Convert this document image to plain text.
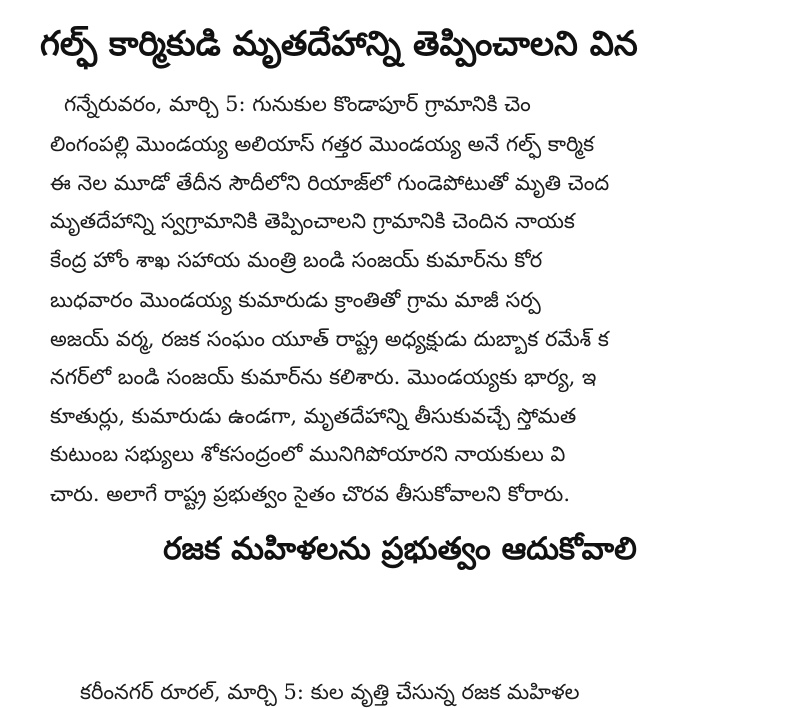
గల్ఫ్ కార్మికుడి మృతదేహాన్ని తెప్పించాలని విన
గన్నేరువరం, మార్చి 5: గునుకుల కొండాపూర్ గ్రామానికి చెం
లింగంపల్లి మొండయ్య అలియాస్ గత్తర మొండయ్య అనే గల్ఫ్ కార్మిక
ఈ నెల మూడో తేదీన సౌదీలోని రియాజ్‌లో గుండెపోటుతో మృతి చెంద
మృతదేహాన్ని స్వగ్రామానికి తెప్పించాలని గ్రామానికి చెందిన నాయక
కేంద్ర హోం శాఖ సహాయ మంత్రి బండి సంజయ్ కుమార్‌ను కోర
బుధవారం మొండయ్య కుమారుడు క్రాంతితో గ్రామ మాజీ సర్ప
అజయ్ వర్మ, రజక సంఘం యూత్ రాష్ట్ర అధ్యక్షుడు దుబ్బాక రమేశ్ క
నగర్‌లో బండి సంజయ్ కుమార్‌ను కలిశారు. మొండయ్యకు భార్య, ఇ
కూతుర్లు, కుమారుడు ఉండగా, మృతదేహాన్ని తీసుకువచ్చే స్తోమత
కుటుంబ సభ్యులు శోకసంద్రంలో మునిగిపోయారని నాయకులు వి
చారు. అలాగే రాష్ట్ర ప్రభుత్వం సైతం చొరవ తీసుకోవాలని కోరారు.
రజక మహిళలను ప్రభుత్వం ఆదుకోవాలి
కరీంనగర్ రూరల్, మార్చి 5: కుల వృత్తి చేసున్న రజక మహిళల
